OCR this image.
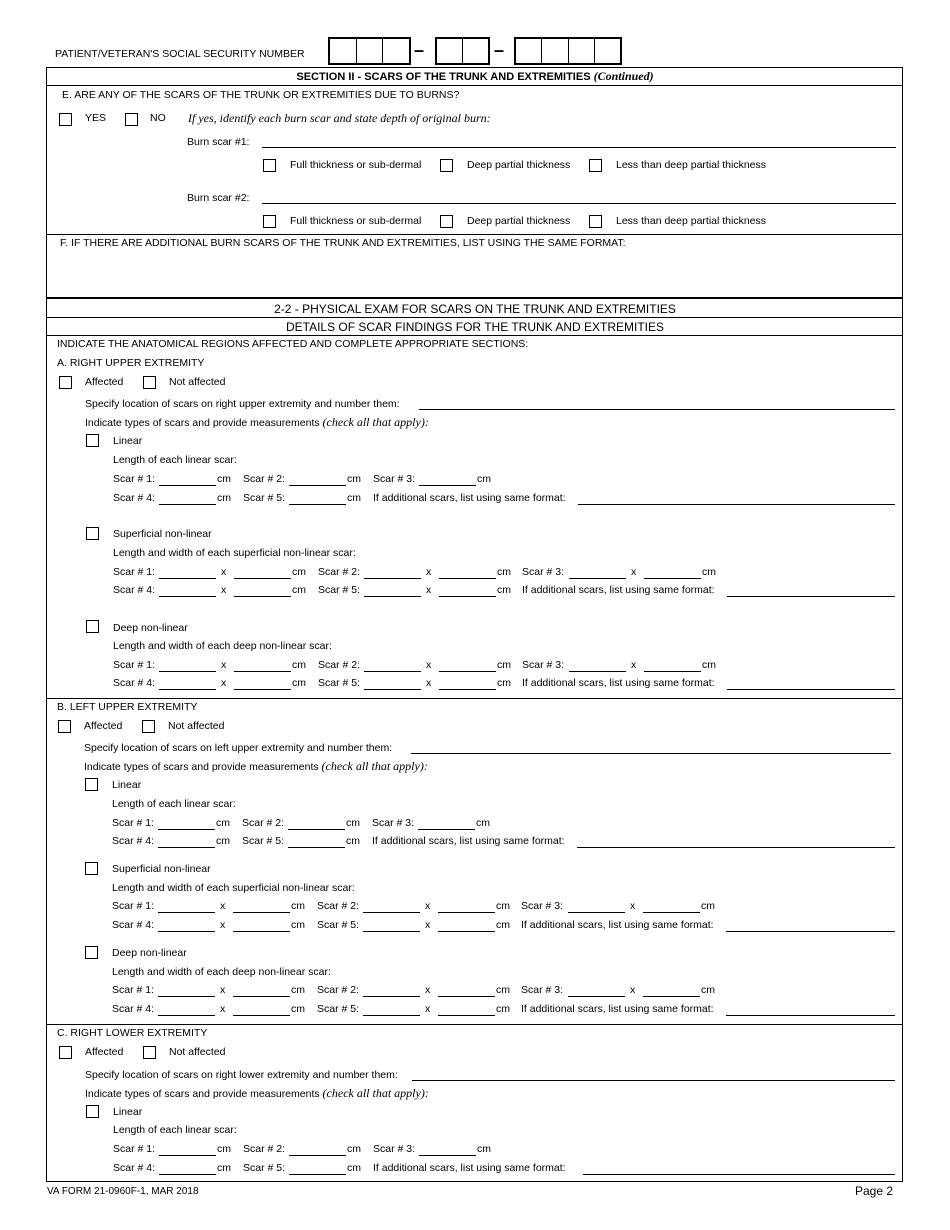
PATIENT/VETERAN'S SOCIAL SECURITY NUMBER	–	–
SECTION II - SCARS OF THE TRUNK AND EXTREMITIES (Continued)
E. ARE ANY OF THE SCARS OF THE TRUNK OR EXTREMITIES DUE TO BURNS?
YES	NO If yes, identify each burn scar and state depth of original burn:
Burn scar #1:
Full thickness or sub-dermal	Deep partial thickness	Less than deep partial thickness
Burn scar #2:
Full thickness or sub-dermal	Deep partial thickness	Less than deep partial thickness
F. IF THERE ARE ADDITIONAL BURN SCARS OF THE TRUNK AND EXTREMITIES, LIST USING THE SAME FORMAT:
2-2 - PHYSICAL EXAM FOR SCARS ON THE TRUNK AND EXTREMITIES
DETAILS OF SCAR FINDINGS FOR THE TRUNK AND EXTREMITIES
INDICATE THE ANATOMICAL REGIONS AFFECTED AND COMPLETE APPROPRIATE SECTIONS:
A. RIGHT UPPER EXTREMITY
Affected	Not affected
Specify location of scars on right upper extremity and number them:
Indicate types of scars and provide measurements (check all that apply):
Linear
Length of each linear scar:
Scar # 1:	cm Scar # 2:	cm Scar # 3:	cm
Scar # 4:	cm Scar # 5:	cm If additional scars, list using same format:
Superficial non-linear
Length and width of each superficial non-linear scar:
Scar # 1:	x	cm Scar # 2:	x	cm Scar # 3:	x	cm
Scar # 4:	x	cm Scar # 5:	x	cm If additional scars, list using same format:
Deep non-linear
Length and width of each deep non-linear scar:
Scar # 1:	x	cm Scar # 2:	x	cm Scar # 3:	x	cm
Scar # 4:	x	cm Scar # 5:	x	cm If additional scars, list using same format:
B. LEFT UPPER EXTREMITY
Affected	Not affected
Specify location of scars on left upper extremity and number them:
Indicate types of scars and provide measurements (check all that apply):
Linear
Length of each linear scar:
Scar # 1:	cm Scar # 2:	cm Scar # 3:	cm
Scar # 4:	cm Scar # 5:	cm If additional scars, list using same format:
Superficial non-linear
Length and width of each superficial non-linear scar:
Scar # 1:	x	cm Scar # 2:	x	cm Scar # 3:	x	cm
Scar # 4:	x	cm Scar # 5:	x	cm If additional scars, list using same format:
Deep non-linear
Length and width of each deep non-linear scar:
Scar # 1:	x	cm Scar # 2:	x	cm Scar # 3:	x	cm
Scar # 4:	x	cm Scar # 5:	x	cm If additional scars, list using same format:
C. RIGHT LOWER EXTREMITY
Affected	Not affected
Specify location of scars on right lower extremity and number them:
Indicate types of scars and provide measurements (check all that apply):
Linear
Length of each linear scar:
Scar # 1:	cm Scar # 2:	cm Scar # 3:	cm
Scar # 4:	cm Scar # 5:	cm If additional scars, list using same format:
VA FORM 21-0960F-1, MAR 2018	Page 2
